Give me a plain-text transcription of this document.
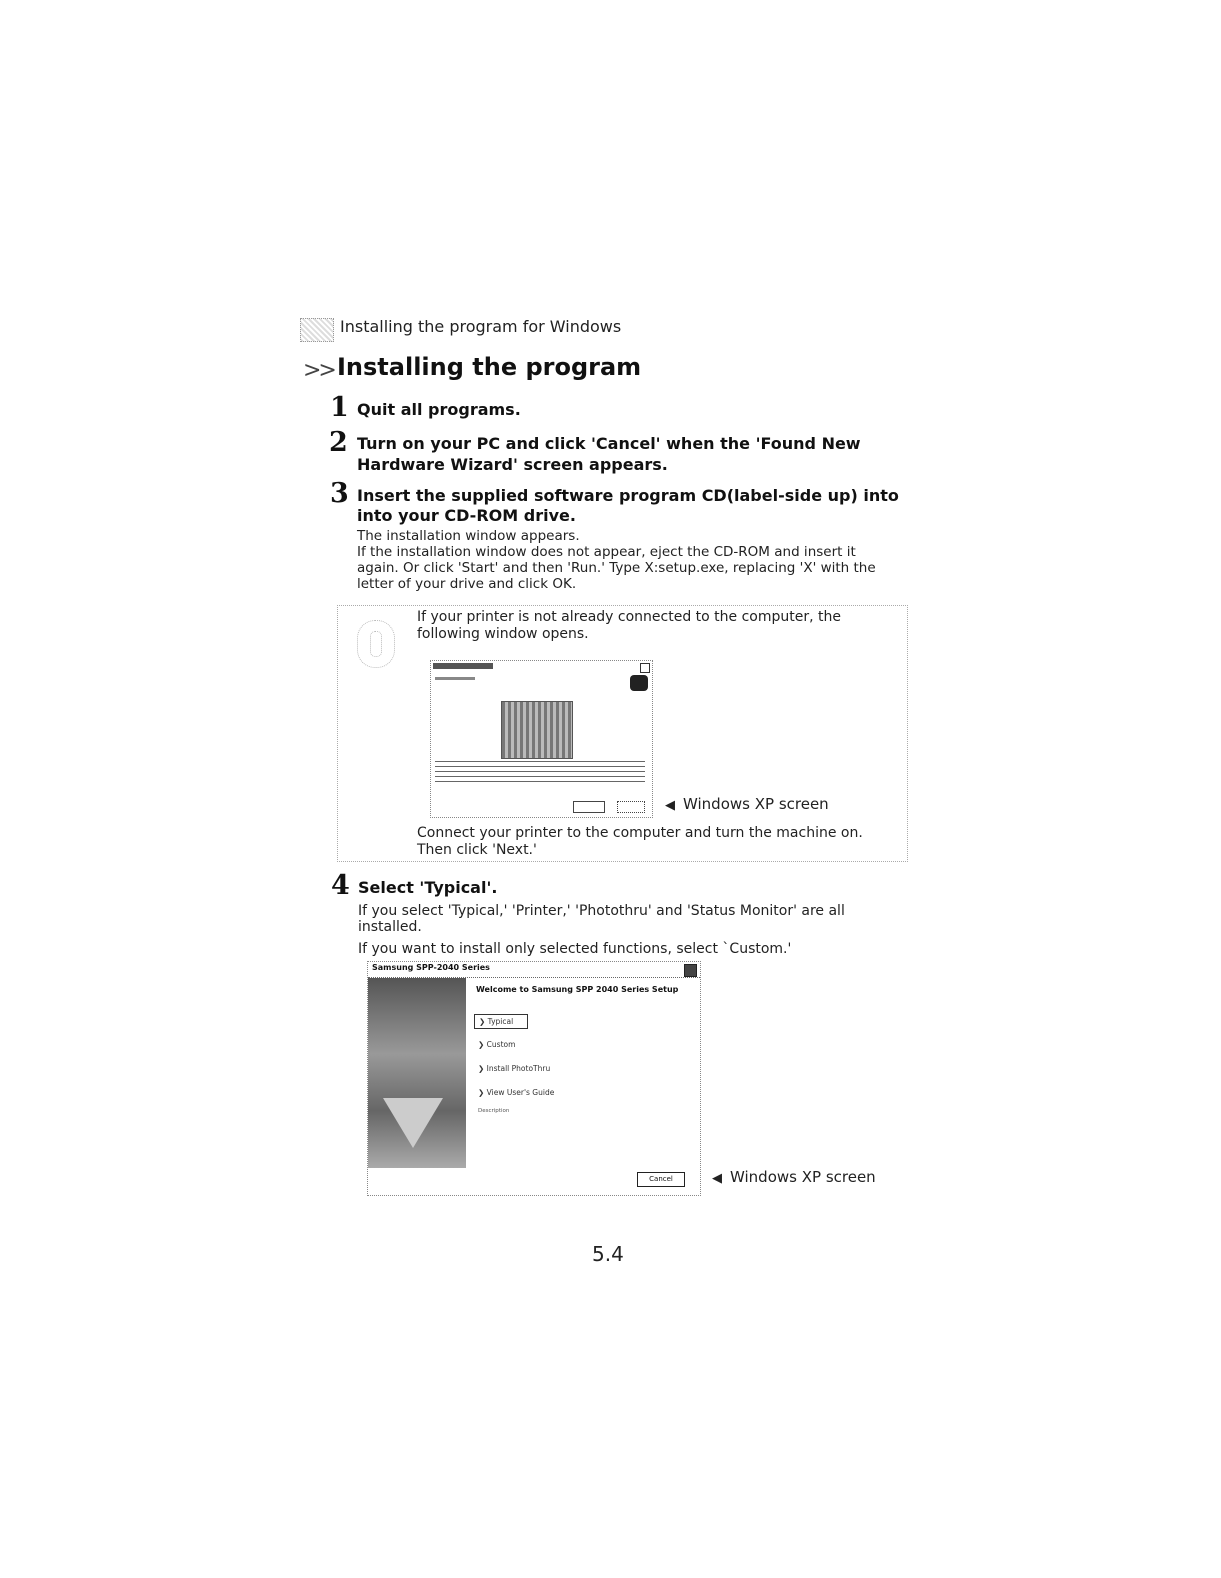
Installing the program for Windows
>> Installing the program
1 Quit all programs.
2 Turn on your PC and click 'Cancel' when the 'Found New
Hardware Wizard' screen appears.
3 Insert the supplied software program CD(label-side up) into
into your CD-ROM drive.
The installation window appears.
If the installation window does not appear, eject the CD-ROM and insert it
again. Or click 'Start' and then 'Run.' Type X:setup.exe, replacing 'X' with the
letter of your drive and click OK.
If your printer is not already connected to the computer, the
following window opens.
◀ Windows XP screen
Connect your printer to the computer and turn the machine on.
Then click 'Next.'
4 Select 'Typical'.
If you select 'Typical,' 'Printer,' 'Photothru' and 'Status Monitor' are all
installed.
If you want to install only selected functions, select `Custom.'
Samsung SPP-2040 Series
Welcome to Samsung SPP 2040 Series Setup
❯ Typical
❯ Custom
❯ Install PhotoThru
❯ View User's Guide
Description
Cancel	◀ Windows XP screen
5.4
